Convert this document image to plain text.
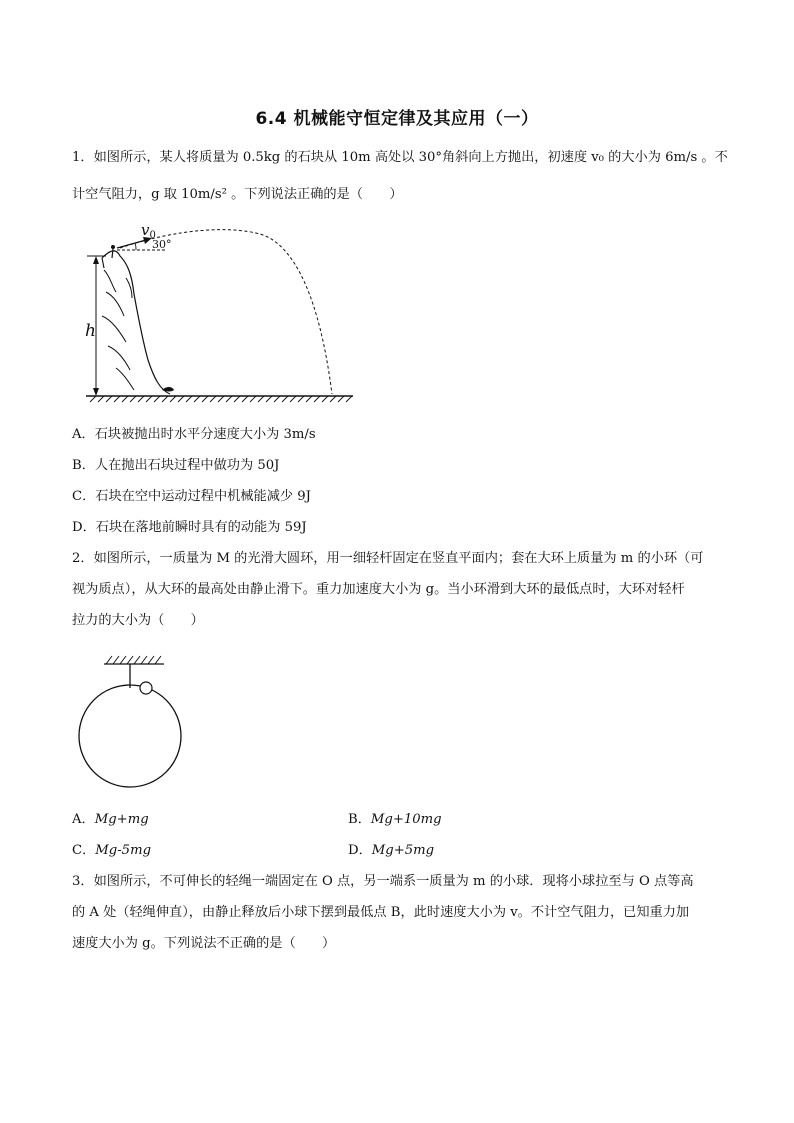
6.4 机械能守恒定律及其应用（一）
1．如图所示，某人将质量为 0.5kg 的石块从 10m 高处以 30°角斜向上方抛出，初速度 v₀ 的大小为 6m/s 。不
计空气阻力，g 取 10m/s² 。下列说法正确的是（　　）
h
$v_0$
30°
A．石块被抛出时水平分速度大小为 3m/s
B．人在抛出石块过程中做功为 50J
C．石块在空中运动过程中机械能减少 9J
D．石块在落地前瞬时具有的动能为 59J
2．如图所示，一质量为 M 的光滑大圆环，用一细轻杆固定在竖直平面内；套在大环上质量为 m 的小环（可
视为质点），从大环的最高处由静止滑下。重力加速度大小为 g。当小环滑到大环的最低点时，大环对轻杆
拉力的大小为（　　）
A．Mg+mg	B．Mg+10mg
C．Mg-5mg	D．Mg+5mg
3．如图所示，不可伸长的轻绳一端固定在 O 点，另一端系一质量为 m 的小球．现将小球拉至与 O 点等高
的 A 处（轻绳伸直），由静止释放后小球下摆到最低点 B，此时速度大小为 v。不计空气阻力，已知重力加
速度大小为 g。下列说法不正确的是（　　）
